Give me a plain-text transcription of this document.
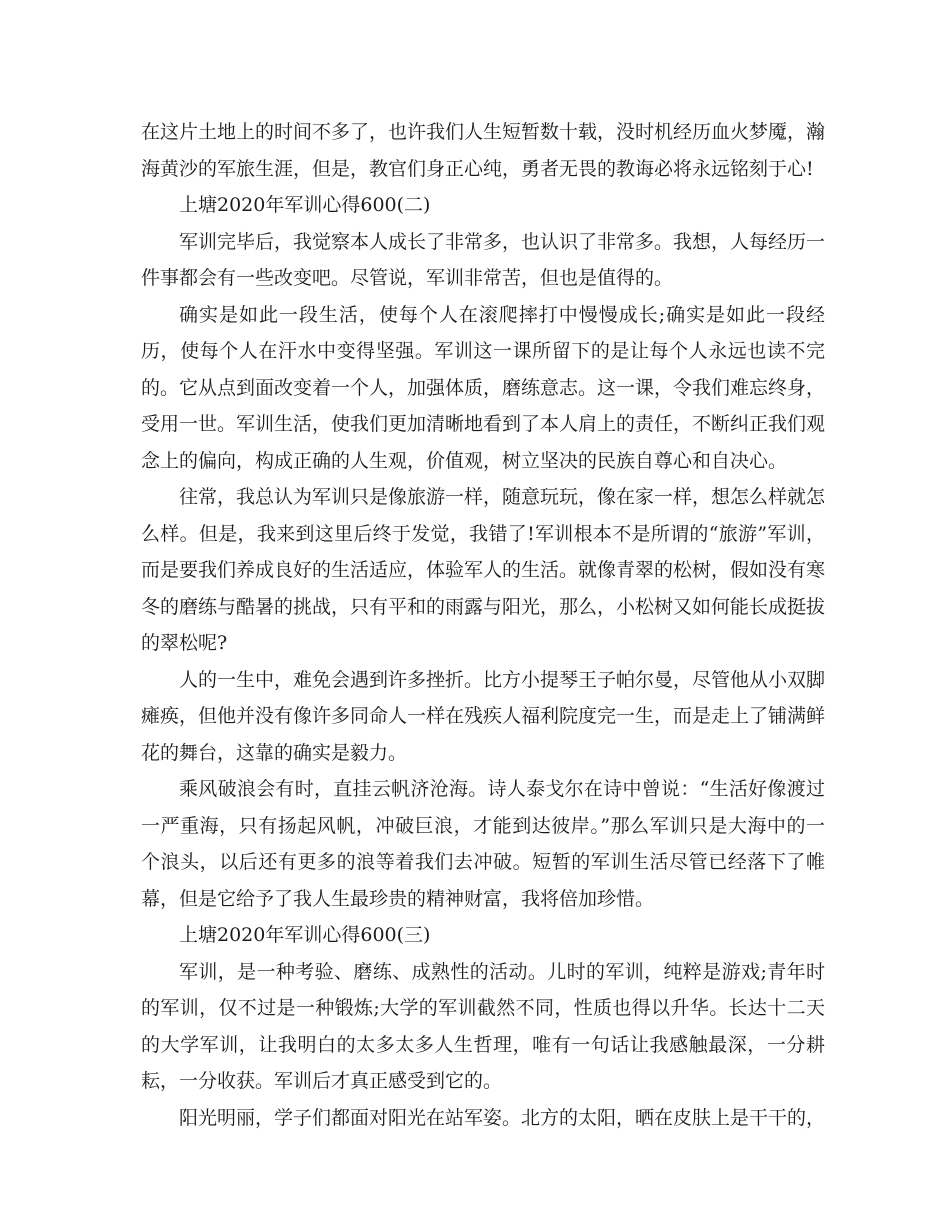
在这片土地上的时间不多了，也许我们人生短暂数十载，没时机经历血火梦魇，瀚海黄沙的军旅生涯，但是，教官们身正心纯，勇者无畏的教诲必将永远铭刻于心!

上塘2020年军训心得600(二)

军训完毕后，我觉察本人成长了非常多，也认识了非常多。我想，人每经历一件事都会有一些改变吧。尽管说，军训非常苦，但也是值得的。

确实是如此一段生活，使每个人在滚爬摔打中慢慢成长;确实是如此一段经历，使每个人在汗水中变得坚强。军训这一课所留下的是让每个人永远也读不完的。它从点到面改变着一个人，加强体质，磨练意志。这一课，令我们难忘终身，受用一世。军训生活，使我们更加清晰地看到了本人肩上的责任，不断纠正我们观念上的偏向，构成正确的人生观，价值观，树立坚决的民族自尊心和自决心。

往常，我总认为军训只是像旅游一样，随意玩玩，像在家一样，想怎么样就怎么样。但是，我来到这里后终于发觉，我错了!军训根本不是所谓的“旅游”军训，而是要我们养成良好的生活适应，体验军人的生活。就像青翠的松树，假如没有寒冬的磨练与酷暑的挑战，只有平和的雨露与阳光，那么，小松树又如何能长成挺拔的翠松呢?

人的一生中，难免会遇到许多挫折。比方小提琴王子帕尔曼，尽管他从小双脚瘫痪，但他并没有像许多同命人一样在残疾人福利院度完一生，而是走上了铺满鲜花的舞台，这靠的确实是毅力。

乘风破浪会有时，直挂云帆济沧海。诗人泰戈尔在诗中曾说：“生活好像渡过一严重海，只有扬起风帆，冲破巨浪，才能到达彼岸。”那么军训只是大海中的一个浪头，以后还有更多的浪等着我们去冲破。短暂的军训生活尽管已经落下了帷幕，但是它给予了我人生最珍贵的精神财富，我将倍加珍惜。

上塘2020年军训心得600(三)

军训，是一种考验、磨练、成熟性的活动。儿时的军训，纯粹是游戏;青年时的军训，仅不过是一种锻炼;大学的军训截然不同，性质也得以升华。长达十二天的大学军训，让我明白的太多太多人生哲理，唯有一句话让我感触最深，一分耕耘，一分收获。军训后才真正感受到它的。

阳光明丽，学子们都面对阳光在站军姿。北方的太阳，晒在皮肤上是干干的，
